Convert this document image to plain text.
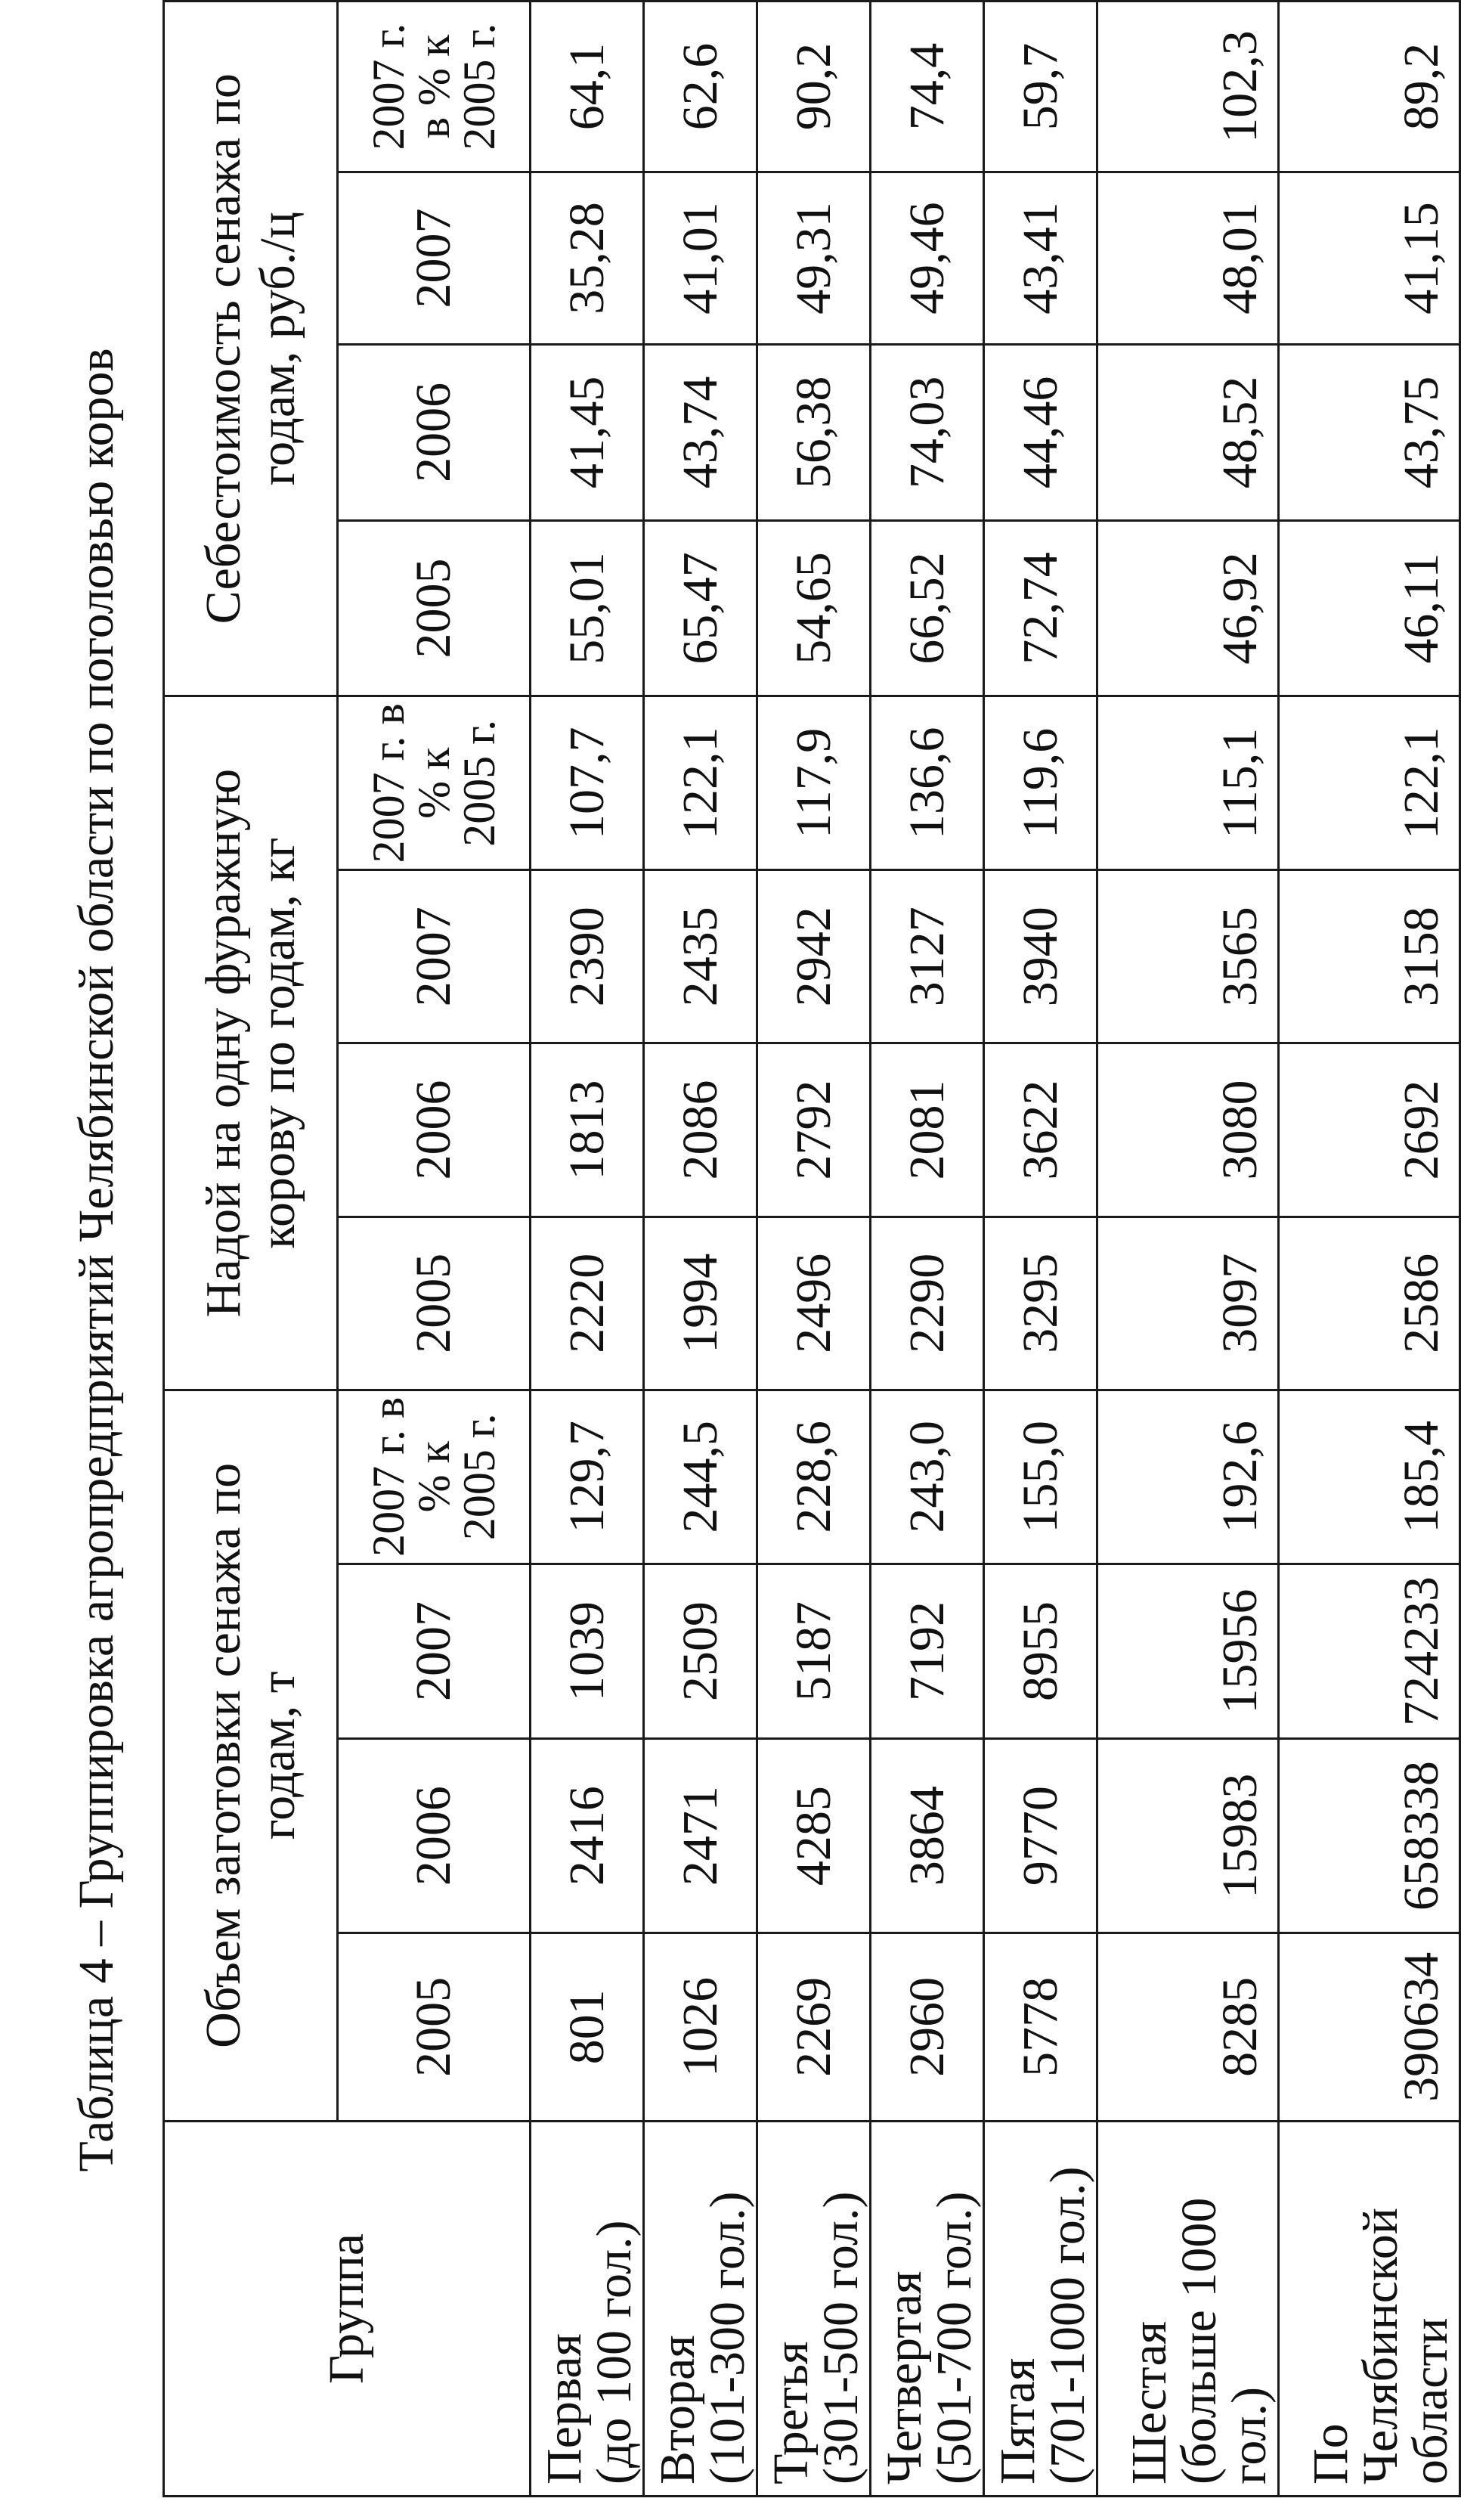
Таблица 4 – Группировка агропредприятий Челябинской области по поголовью коров
Группа	Объем заготовки сенажа по годам, т				Надой на одну фуражную корову по годам, кг				Себестоимость сенажа по годам, руб./ц			
	2005	2006	2007	2007 г. в % к 2005 г.	2005	2006	2007	2007 г. в % к 2005 г.	2005	2006	2007	2007 г. в % к 2005 г.

Первая
(до 100 гол.)	801	2416	1039	129,7	2220	1813	2390	107,7	55,01	41,45	35,28	64,1

Вторая
(101-300 гол.)	1026	2471	2509	244,5	1994	2086	2435	122,1	65,47	43,74	41,01	62,6

Третья
(301-500 гол.)	2269	4285	5187	228,6	2496	2792	2942	117,9	54,65	56,38	49,31	90,2

Четвертая
(501-700 гол.)	2960	3864	7192	243,0	2290	2081	3127	136,6	66,52	74,03	49,46	74,4

Пятая
(701-1000 гол.)	5778	9770	8955	155,0	3295	3622	3940	119,6	72,74	44,46	43,41	59,7

Шестая
(больше 1000
гол.)	8285	15983	15956	192,6	3097	3080	3565	115,1	46,92	48,52	48,01	102,3

По
Челябинской
области	390634	658338	724233	185,4	2586	2692	3158	122,1	46,11	43,75	41,15	89,2
